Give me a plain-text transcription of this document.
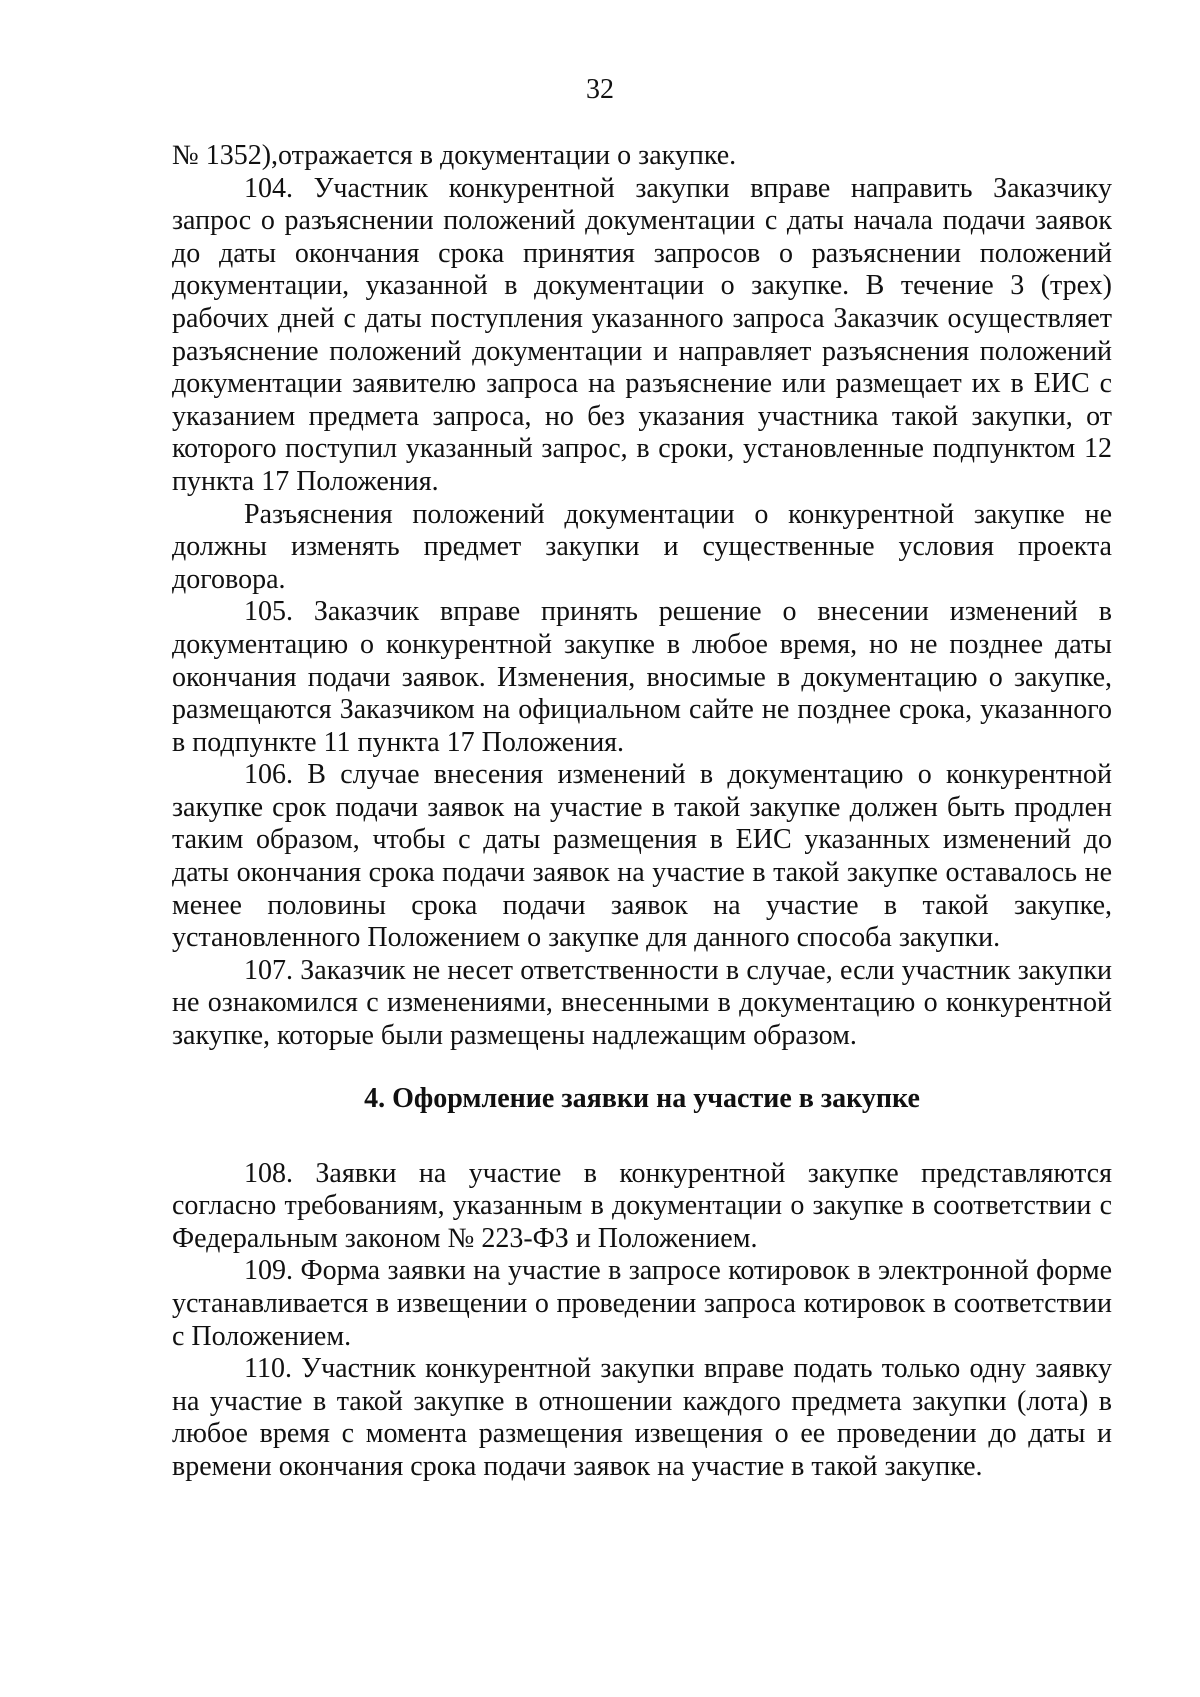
32

№ 1352),отражается в документации о закупке.

104. Участник конкурентной закупки вправе направить Заказчику запрос о разъяснении положений документации с даты начала подачи заявок до даты окончания срока принятия запросов о разъяснении положений документации, указанной в документации о закупке. В течение 3 (трех) рабочих дней с даты поступления указанного запроса Заказчик осуществляет разъяснение положений документации и направляет разъяснения положений документации заявителю запроса на разъяснение или размещает их в ЕИС с указанием предмета запроса, но без указания участника такой закупки, от которого поступил указанный запрос, в сроки, установленные подпунктом 12 пункта 17 Положения.

Разъяснения положений документации о конкурентной закупке не должны изменять предмет закупки и существенные условия проекта договора.

105. Заказчик вправе принять решение о внесении изменений в документацию о конкурентной закупке в любое время, но не позднее даты окончания подачи заявок. Изменения, вносимые в документацию о закупке, размещаются Заказчиком на официальном сайте не позднее срока, указанного в подпункте 11 пункта 17 Положения.

106. В случае внесения изменений в документацию о конкурентной закупке срок подачи заявок на участие в такой закупке должен быть продлен таким образом, чтобы с даты размещения в ЕИС указанных изменений до даты окончания срока подачи заявок на участие в такой закупке оставалось не менее половины срока подачи заявок на участие в такой закупке, установленного Положением о закупке для данного способа закупки.

107. Заказчик не несет ответственности в случае, если участник закупки не ознакомился с изменениями, внесенными в документацию о конкурентной закупке, которые были размещены надлежащим образом.

4. Оформление заявки на участие в закупке

108. Заявки на участие в конкурентной закупке представляются согласно требованиям, указанным в документации о закупке в соответствии с Федеральным законом № 223-ФЗ и Положением.

109. Форма заявки на участие в запросе котировок в электронной форме устанавливается в извещении о проведении запроса котировок в соответствии с Положением.

110. Участник конкурентной закупки вправе подать только одну заявку на участие в такой закупке в отношении каждого предмета закупки (лота) в любое время с момента размещения извещения о ее проведении до даты и времени окончания срока подачи заявок на участие в такой закупке.
